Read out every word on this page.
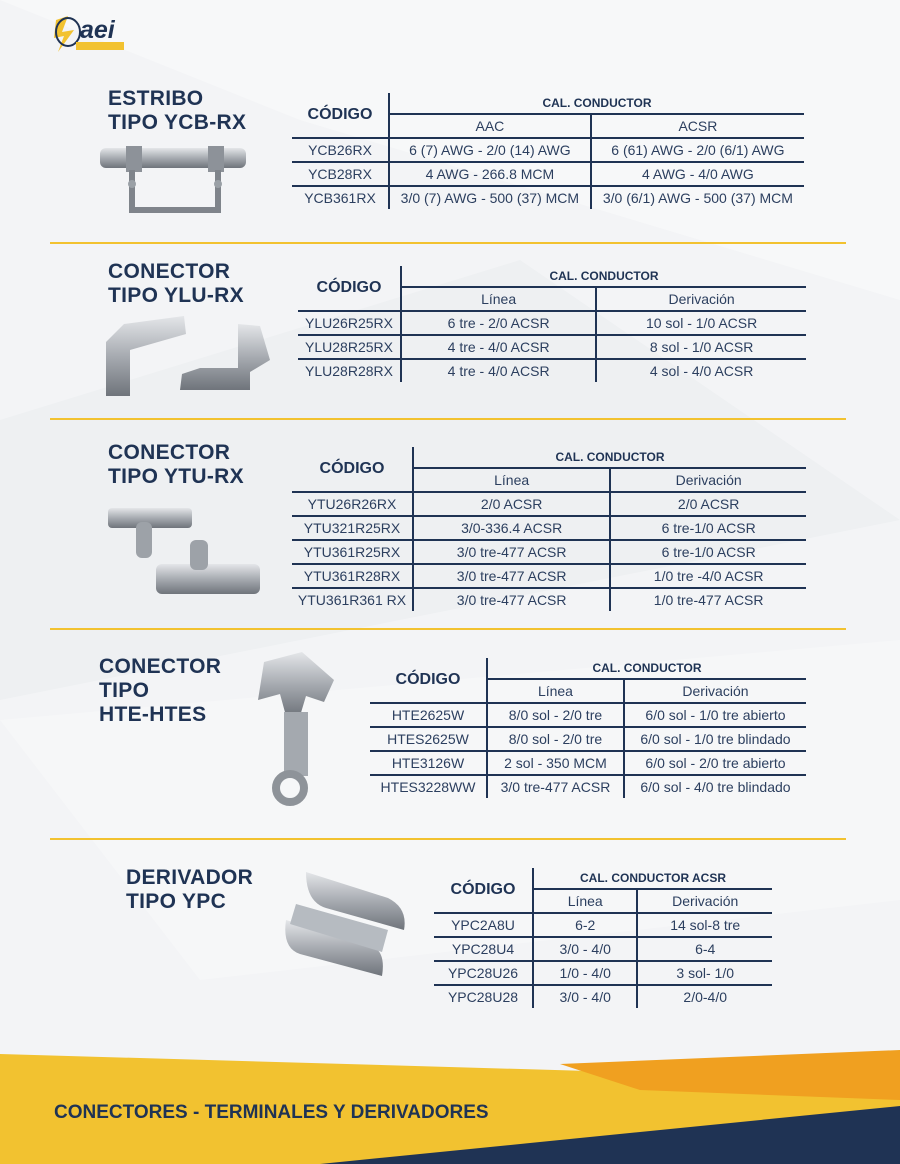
aei
ESTRIBO
TIPO YCB-RX	CÓDIGO	CAL. CONDUCTOR	
	AAC	ACSR
YCB26RX	6 (7) AWG - 2/0 (14) AWG	6 (61) AWG - 2/0 (6/1) AWG
YCB28RX	4 AWG - 266.8 MCM	4 AWG - 4/0 AWG
YCB361RX	3/0 (7) AWG - 500 (37) MCM	3/0 (6/1) AWG - 500 (37) MCM
CONECTOR
TIPO YLU-RX	CÓDIGO	CAL. CONDUCTOR	
	Línea	Derivación
YLU26R25RX	6 tre - 2/0 ACSR	10 sol - 1/0 ACSR
YLU28R25RX	4 tre - 4/0 ACSR	8 sol - 1/0 ACSR
YLU28R28RX	4 tre - 4/0 ACSR	4 sol - 4/0 ACSR
CONECTOR
TIPO YTU-RX	CÓDIGO	CAL. CONDUCTOR	
	Línea	Derivación
YTU26R26RX	2/0 ACSR	2/0 ACSR
YTU321R25RX	3/0-336.4 ACSR	6 tre-1/0 ACSR
YTU361R25RX	3/0 tre-477 ACSR	6 tre-1/0 ACSR
YTU361R28RX	3/0 tre-477 ACSR	1/0 tre -4/0 ACSR
YTU361R361 RX	3/0 tre-477 ACSR	1/0 tre-477 ACSR
CONECTOR
TIPO
HTE-HTES
CÓDIGO	CAL. CONDUCTOR	
	Línea	Derivación
HTE2625W	8/0 sol - 2/0 tre	6/0 sol - 1/0 tre abierto
HTES2625W	8/0 sol - 2/0 tre	6/0 sol - 1/0 tre blindado
HTE3126W	2 sol - 350 MCM	6/0 sol - 2/0 tre abierto
HTES3228WW	3/0 tre-477 ACSR	6/0 sol - 4/0 tre blindado
DERIVADOR
TIPO YPC
CÓDIGO	CAL. CONDUCTOR ACSR	
	Línea	Derivación
YPC2A8U	6-2	14 sol-8 tre
YPC28U4	3/0 - 4/0	6-4
YPC28U26	1/0 - 4/0	3 sol- 1/0
YPC28U28	3/0 - 4/0	2/0-4/0
CONECTORES - TERMINALES Y DERIVADORES
